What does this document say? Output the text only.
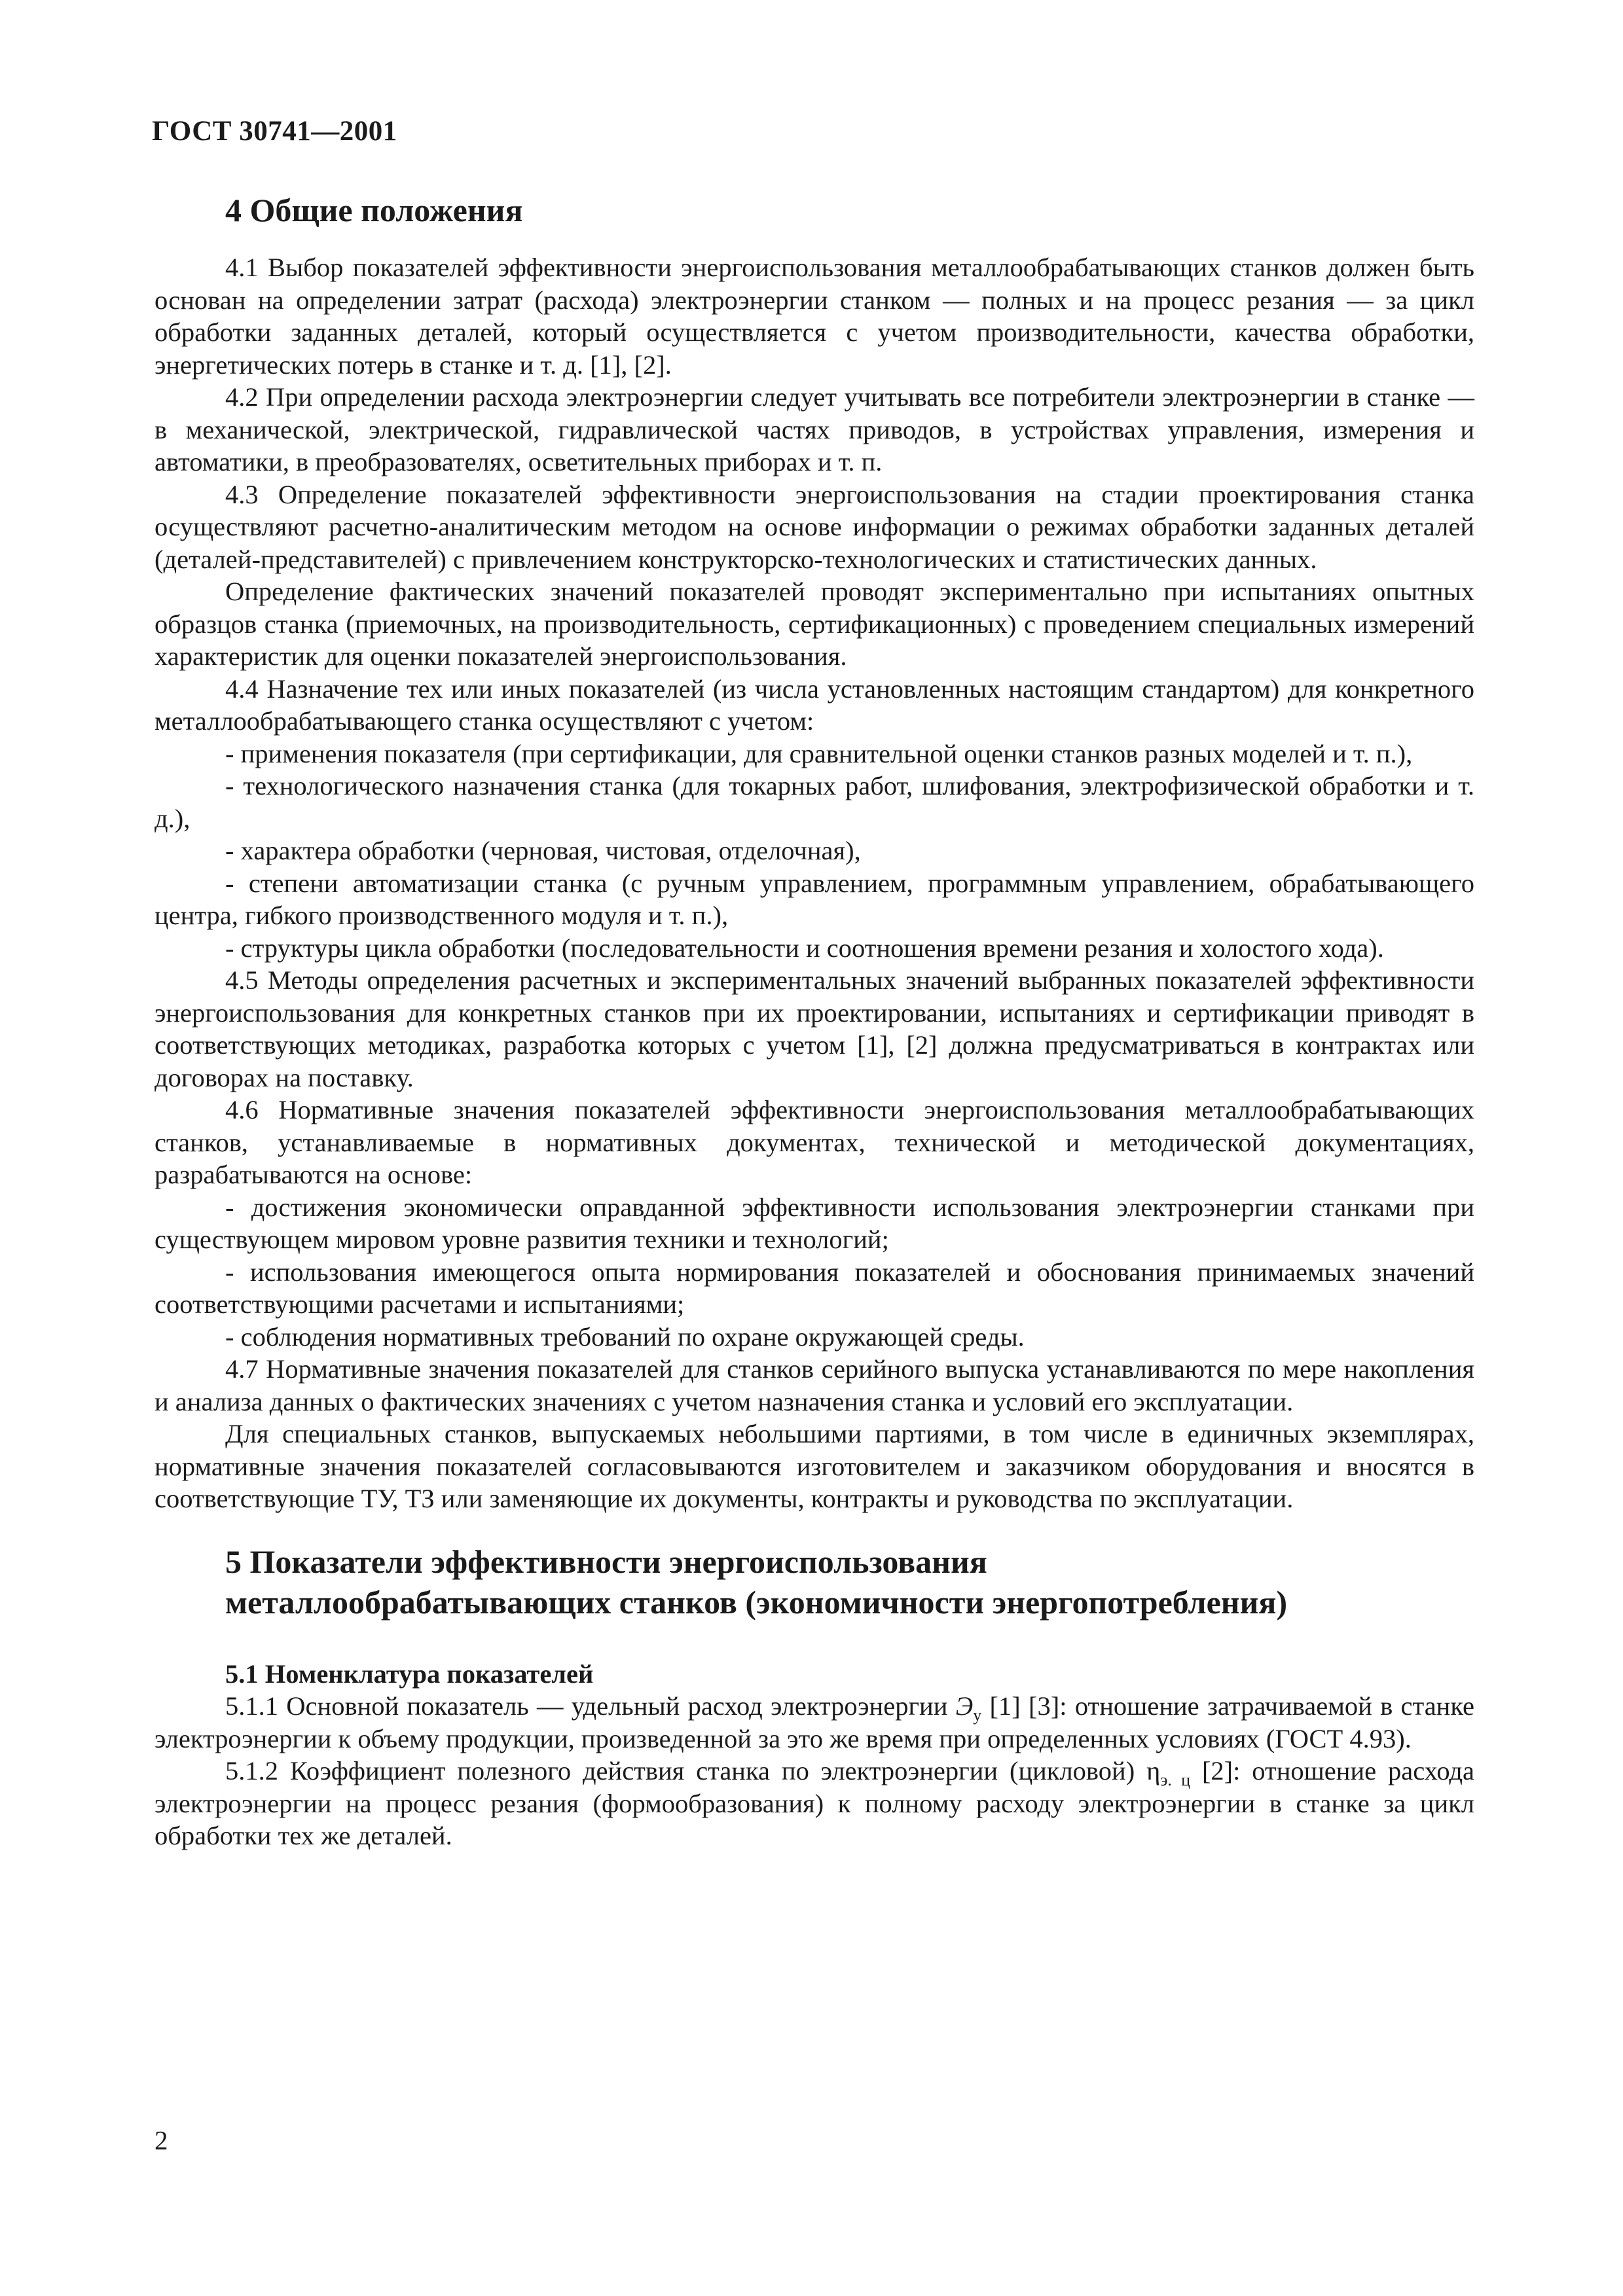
ГОСТ 30741—2001
4 Общие положения

4.1 Выбор показателей эффективности энергоиспользования металлообрабатывающих станков должен быть основан на определении затрат (расхода) электроэнергии станком — полных и на процесс резания — за цикл обработки заданных деталей, который осуществляется с учетом производительности, качества обработки, энергетических потерь в станке и т. д. [1], [2].

4.2 При определении расхода электроэнергии следует учитывать все потребители электроэнергии в станке — в механической, электрической, гидравлической частях приводов, в устройствах управления, измерения и автоматики, в преобразователях, осветительных приборах и т. п.

4.3 Определение показателей эффективности энергоиспользования на стадии проектирования станка осуществляют расчетно-аналитическим методом на основе информации о режимах обработки заданных деталей (деталей-представителей) с привлечением конструкторско-технологических и статистических данных.

Определение фактических значений показателей проводят экспериментально при испытаниях опытных образцов станка (приемочных, на производительность, сертификационных) с проведением специальных измерений характеристик для оценки показателей энергоиспользования.

4.4 Назначение тех или иных показателей (из числа установленных настоящим стандартом) для конкретного металлообрабатывающего станка осуществляют с учетом:

- применения показателя (при сертификации, для сравнительной оценки станков разных моделей и т. п.),

- технологического назначения станка (для токарных работ, шлифования, электрофизической обработки и т. д.),

- характера обработки (черновая, чистовая, отделочная),

- степени автоматизации станка (с ручным управлением, программным управлением, обрабатывающего центра, гибкого производственного модуля и т. п.),

- структуры цикла обработки (последовательности и соотношения времени резания и холостого хода).

4.5 Методы определения расчетных и экспериментальных значений выбранных показателей эффективности энергоиспользования для конкретных станков при их проектировании, испытаниях и сертификации приводят в соответствующих методиках, разработка которых с учетом [1], [2] должна предусматриваться в контрактах или договорах на поставку.

4.6 Нормативные значения показателей эффективности энергоиспользования металлообрабатывающих станков, устанавливаемые в нормативных документах, технической и методической документациях, разрабатываются на основе:

- достижения экономически оправданной эффективности использования электроэнергии станками при существующем мировом уровне развития техники и технологий;

- использования имеющегося опыта нормирования показателей и обоснования принимаемых значений соответствующими расчетами и испытаниями;

- соблюдения нормативных требований по охране окружающей среды.

4.7 Нормативные значения показателей для станков серийного выпуска устанавливаются по мере накопления и анализа данных о фактических значениях с учетом назначения станка и условий его эксплуатации.

Для специальных станков, выпускаемых небольшими партиями, в том числе в единичных экземплярах, нормативные значения показателей согласовываются изготовителем и заказчиком оборудования и вносятся в соответствующие ТУ, ТЗ или заменяющие их документы, контракты и руководства по эксплуатации.

5 Показатели эффективности энергоиспользования металлообрабатывающих станков (экономичности энергопотребления)
5.1 Номенклатура показателей

5.1.1 Основной показатель — удельный расход электроэнергии $Э_у$ [1] [3]: отношение затрачиваемой в станке электроэнергии к объему продукции, произведенной за это же время при определенных условиях (ГОСТ 4.93).

5.1.2 Коэффициент полезного действия станка по электроэнергии (цикловой) $\eta_{э. ц}$ [2]: отношение расхода электроэнергии на процесс резания (формообразования) к полному расходу электроэнергии в станке за цикл обработки тех же деталей.

2
